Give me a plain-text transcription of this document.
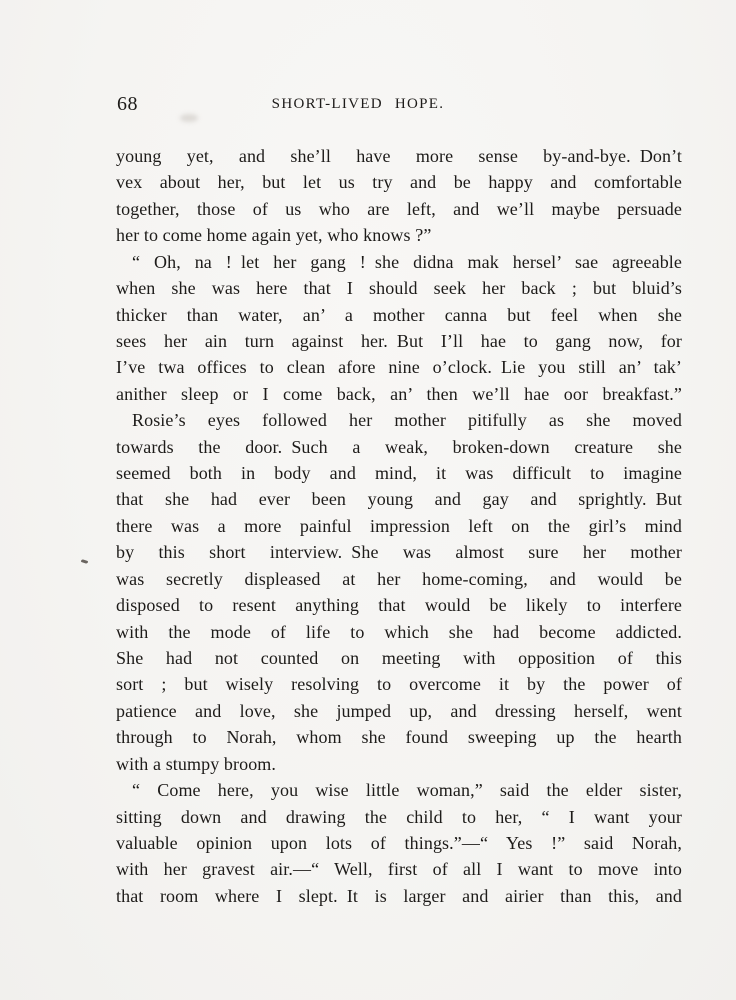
68	SHORT-LIVED HOPE.
young yet, and she’ll have more sense by-and-bye. Don’t
vex about her, but let us try and be happy and comfortable
together, those of us who are left, and we’ll maybe persuade
her to come home again yet, who knows ?”
“ Oh, na ! let her gang ! she didna mak hersel’ sae agreeable
when she was here that I should seek her back ; but bluid’s
thicker than water, an’ a mother canna but feel when she
sees her ain turn against her. But I’ll hae to gang now, for
I’ve twa offices to clean afore nine o’clock. Lie you still an’ tak’
anither sleep or I come back, an’ then we’ll hae oor breakfast.”
Rosie’s eyes followed her mother pitifully as she moved
towards the door. Such a weak, broken-down creature she
seemed both in body and mind, it was difficult to imagine
that she had ever been young and gay and sprightly. But
there was a more painful impression left on the girl’s mind
by this short interview. She was almost sure her mother
was secretly displeased at her home-coming, and would be
disposed to resent anything that would be likely to interfere
with the mode of life to which she had become addicted.
She had not counted on meeting with opposition of this
sort ; but wisely resolving to overcome it by the power of
patience and love, she jumped up, and dressing herself, went
through to Norah, whom she found sweeping up the hearth
with a stumpy broom.
“ Come here, you wise little woman,” said the elder sister,
sitting down and drawing the child to her, “ I want your
valuable opinion upon lots of things.”—“ Yes !” said Norah,
with her gravest air.—“ Well, first of all I want to move into
that room where I slept. It is larger and airier than this, and
